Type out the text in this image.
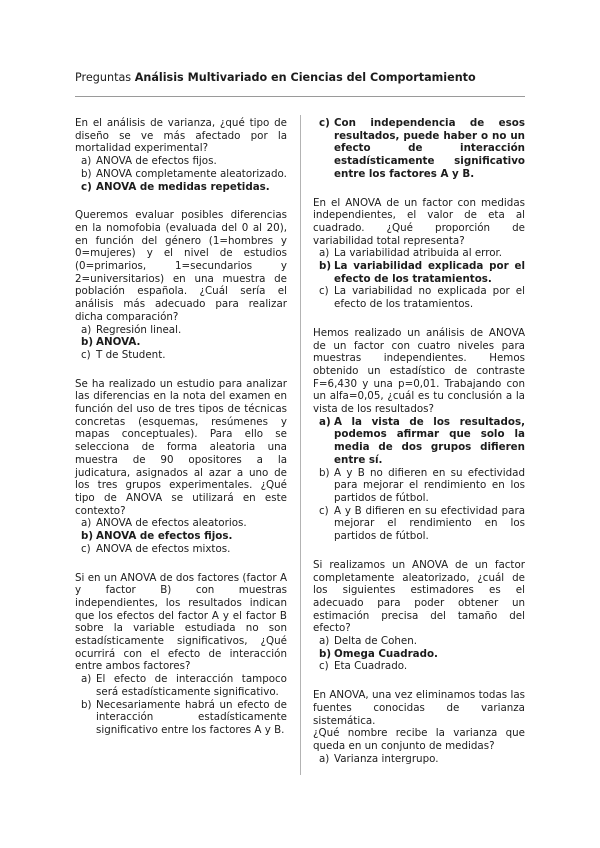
Preguntas Análisis Multivariado en Ciencias del Comportamiento
En el análisis de varianza, ¿qué tipo de diseño se ve más afectado por la mortalidad experimental?
a) ANOVA de efectos fijos.
b) ANOVA completamente aleatorizado.
c) ANOVA de medidas repetidas.
Queremos evaluar posibles diferencias en la nomofobia (evaluada del 0 al 20), en función del género (1=hombres y 0=mujeres) y el nivel de estudios (0=primarios, 1=secundarios y 2=universitarios) en una muestra de población española. ¿Cuál sería el análisis más adecuado para realizar dicha comparación?
a) Regresión lineal.
b) ANOVA.
c) T de Student.
Se ha realizado un estudio para analizar las diferencias en la nota del examen en función del uso de tres tipos de técnicas concretas (esquemas, resúmenes y mapas conceptuales). Para ello se selecciona de forma aleatoria una muestra de 90 opositores a la judicatura, asignados al azar a uno de los tres grupos experimentales. ¿Qué tipo de ANOVA se utilizará en este contexto?
a) ANOVA de efectos aleatorios.
b) ANOVA de efectos fijos.
c) ANOVA de efectos mixtos.
Si en un ANOVA de dos factores (factor A y factor B) con muestras independientes, los resultados indican que los efectos del factor A y el factor B sobre la variable estudiada no son estadísticamente significativos, ¿Qué ocurrirá con el efecto de interacción entre ambos factores?
a) El efecto de interacción tampoco será estadísticamente significativo.
b) Necesariamente habrá un efecto de interacción estadísticamente significativo entre los factores A y B.
c) Con independencia de esos resultados, puede haber o no un efecto de interacción estadísticamente significativo entre los factores A y B.
En el ANOVA de un factor con medidas independientes, el valor de eta al cuadrado. ¿Qué proporción de variabilidad total representa?
a) La variabilidad atribuida al error.
b) La variabilidad explicada por el efecto de los tratamientos.
c) La variabilidad no explicada por el efecto de los tratamientos.
Hemos realizado un análisis de ANOVA de un factor con cuatro niveles para muestras independientes. Hemos obtenido un estadístico de contraste F=6,430 y una p=0,01. Trabajando con un alfa=0,05, ¿cuál es tu conclusión a la vista de los resultados?
a) A la vista de los resultados, podemos afirmar que solo la media de dos grupos difieren entre sí.
b) A y B no difieren en su efectividad para mejorar el rendimiento en los partidos de fútbol.
c) A y B difieren en su efectividad para mejorar el rendimiento en los partidos de fútbol.
Si realizamos un ANOVA de un factor completamente aleatorizado, ¿cuál de los siguientes estimadores es el adecuado para poder obtener un estimación precisa del tamaño del efecto?
a) Delta de Cohen.
b) Omega Cuadrado.
c) Eta Cuadrado.
En ANOVA, una vez eliminamos todas las fuentes conocidas de varianza sistemática.
¿Qué nombre recibe la varianza que queda en un conjunto de medidas?
a) Varianza intergrupo.
